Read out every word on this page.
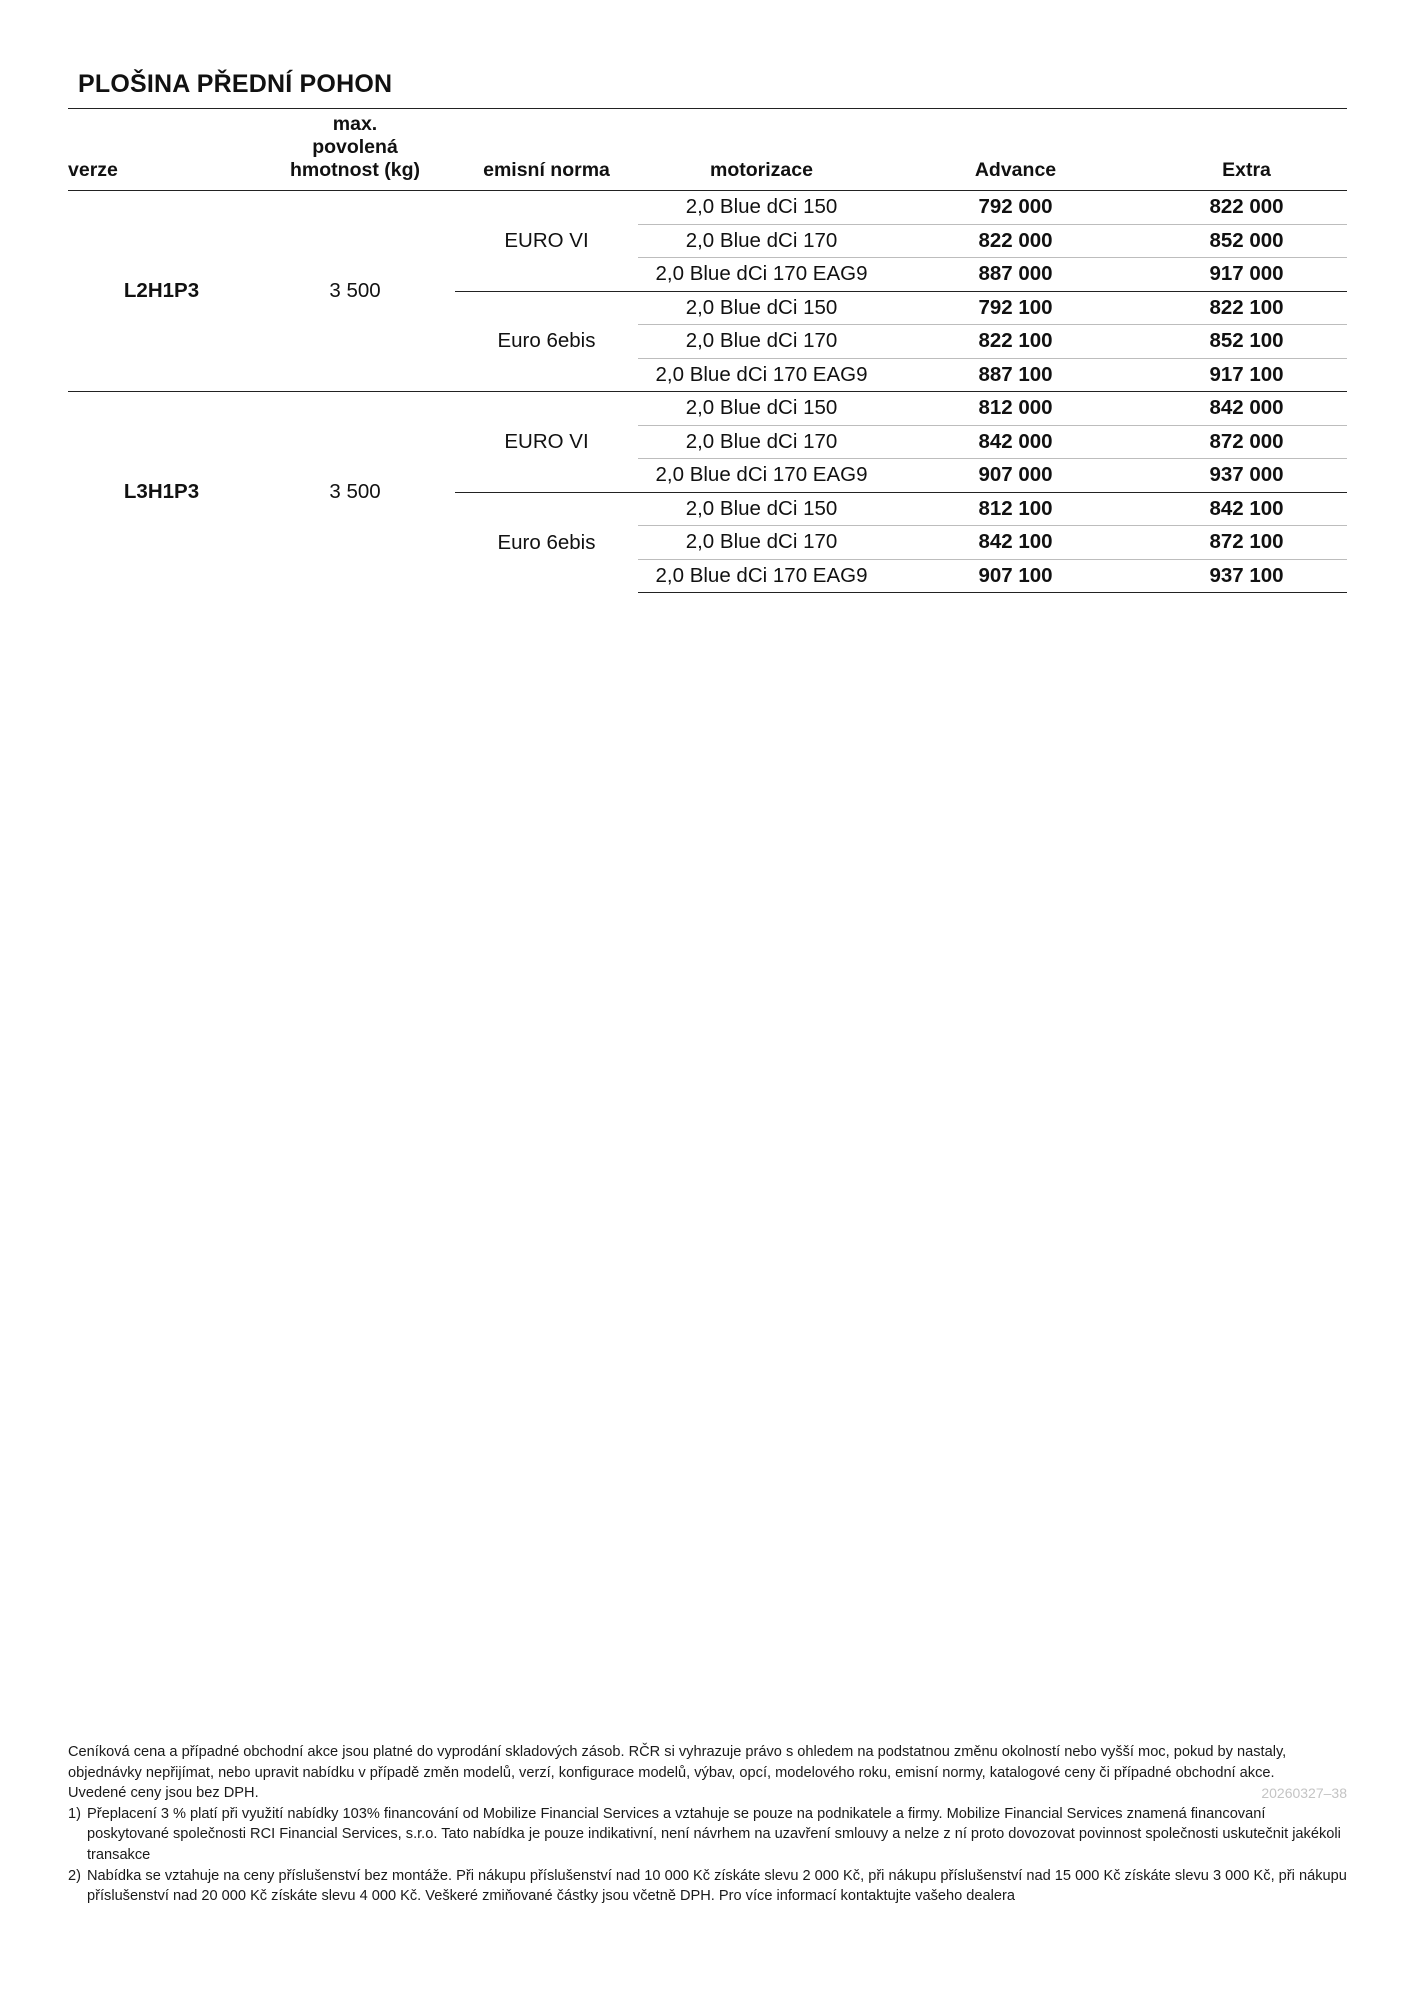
PLOŠINA PŘEDNÍ POHON
verze	max.
povolená
hmotnost (kg)	emisní norma	motorizace	Advance	Extra
L2H1P3	3 500	EURO VI	2,0 Blue dCi 150	792 000	822 000
			2,0 Blue dCi 170	822 000	852 000
			2,0 Blue dCi 170 EAG9	887 000	917 000
		Euro 6ebis	2,0 Blue dCi 150	792 100	822 100
			2,0 Blue dCi 170	822 100	852 100
			2,0 Blue dCi 170 EAG9	887 100	917 100
L3H1P3	3 500	EURO VI	2,0 Blue dCi 150	812 000	842 000
			2,0 Blue dCi 170	842 000	872 000
			2,0 Blue dCi 170 EAG9	907 000	937 000
		Euro 6ebis	2,0 Blue dCi 150	812 100	842 100
			2,0 Blue dCi 170	842 100	872 100
			2,0 Blue dCi 170 EAG9	907 100	937 100

Ceníková cena a případné obchodní akce jsou platné do vyprodání skladových zásob. RČR si vyhrazuje právo s ohledem na podstatnou změnu okolností nebo vyšší moc, pokud by nastaly, objednávky nepřijímat, nebo upravit nabídku v případě změn modelů, verzí, konfigurace modelů, výbav, opcí, modelového roku, emisní normy, katalogové ceny či případné obchodní akce.

20260327–38

Uvedené ceny jsou bez DPH.

1) Přeplacení 3 % platí při využití nabídky 103% financování od Mobilize Financial Services a vztahuje se pouze na podnikatele a firmy. Mobilize Financial Services znamená financovaní poskytované společnosti RCI Financial Services, s.r.o. Tato nabídka je pouze indikativní, není návrhem na uzavření smlouvy a nelze z ní proto dovozovat povinnost společnosti uskutečnit jakékoli transakce
2) Nabídka se vztahuje na ceny příslušenství bez montáže. Při nákupu příslušenství nad 10 000 Kč získáte slevu 2 000 Kč, při nákupu příslušenství nad 15 000 Kč získáte slevu 3 000 Kč, při nákupu příslušenství nad 20 000 Kč získáte slevu 4 000 Kč. Veškeré zmiňované částky jsou včetně DPH. Pro více informací kontaktujte vašeho dealera
